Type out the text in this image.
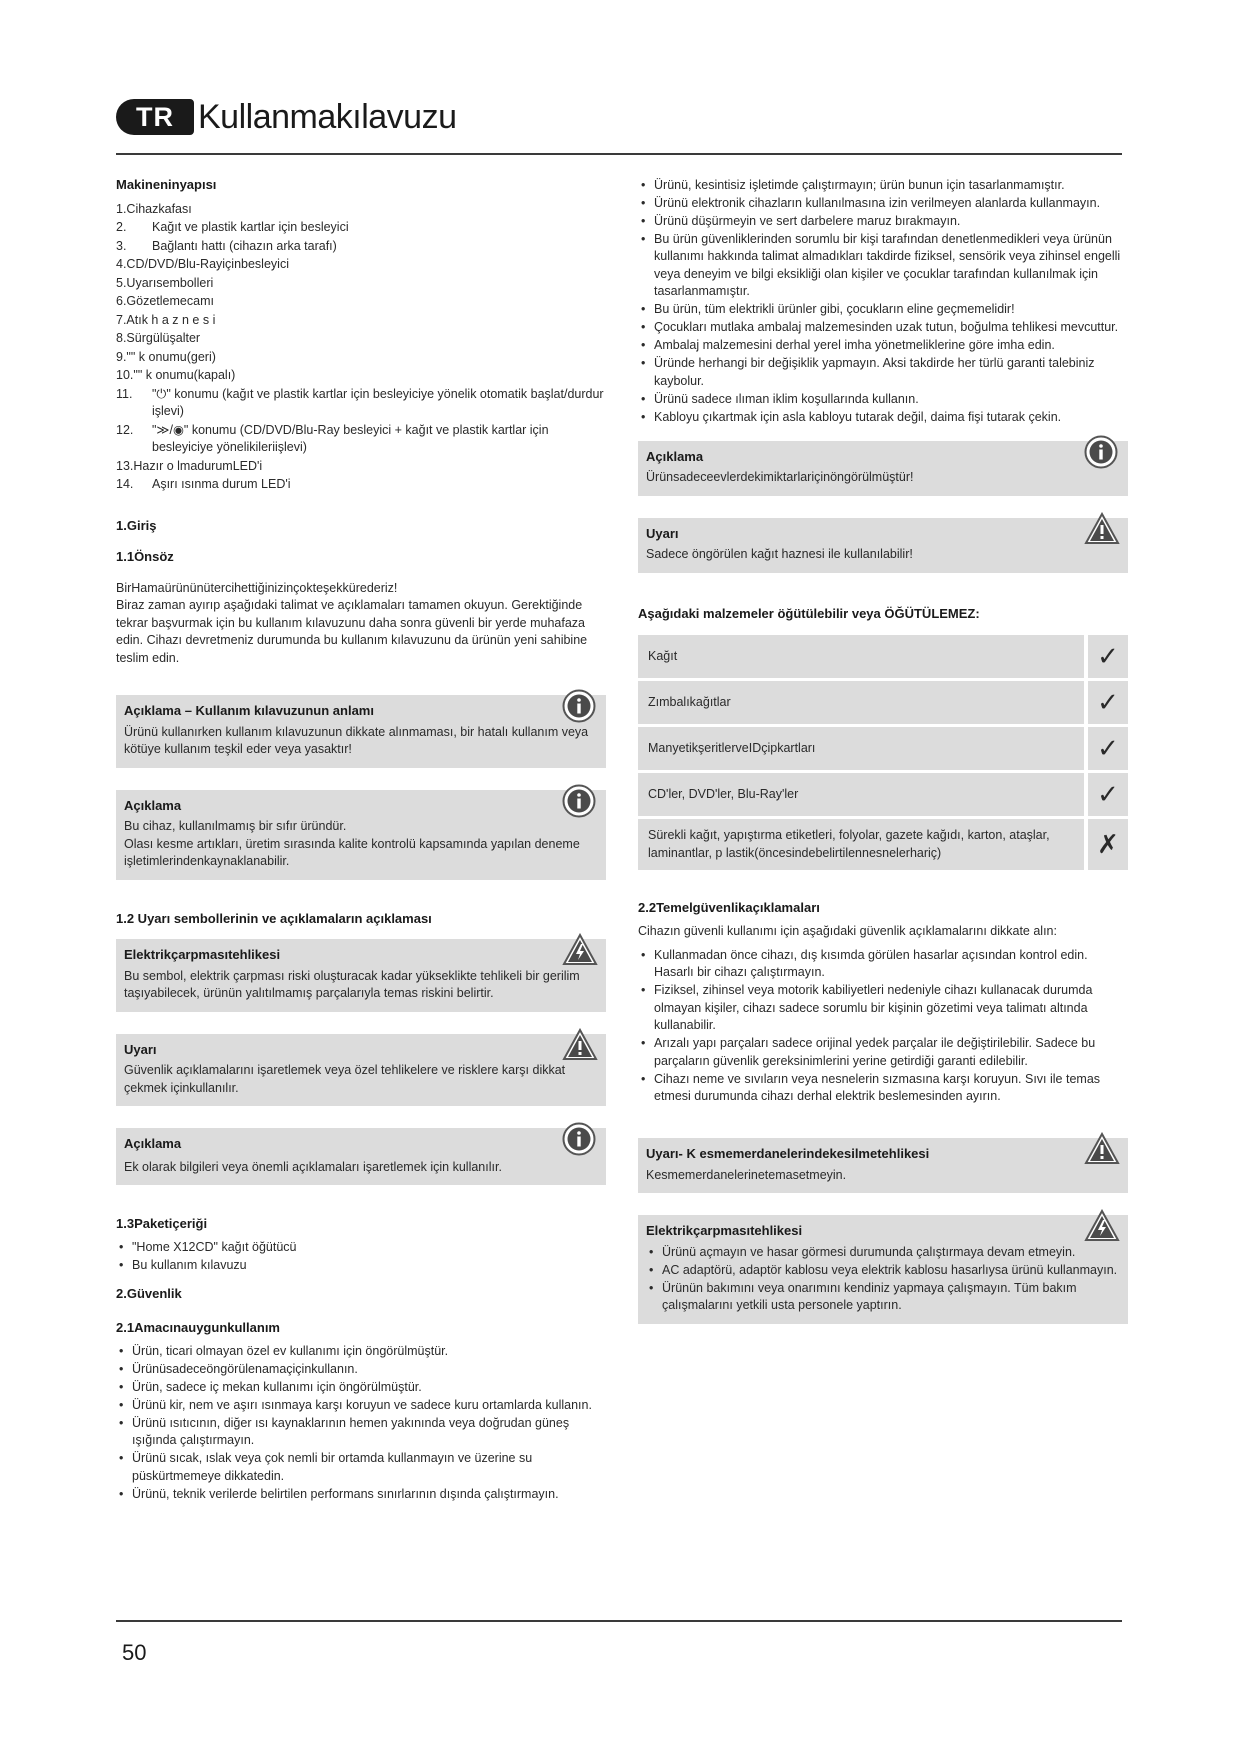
TR Kullanmakılavuzu

Makineninyapısı

1.Cihazkafası
2.	Kağıt ve plastik kartlar için besleyici
3.	Bağlantı hattı (cihazın arka tarafı)
4.CD/DVD/Blu-Rayiçinbesleyici
5.Uyarısembolleri
6.Gözetlemecamı
7.Atık h a z n e s i
8.Sürgülüşalter
9."" k onumu(geri)
10."" k onumu(kapalı)
11.	"⏻" konumu (kağıt ve plastik kartlar için besleyiciye yönelik otomatik başlat/durdur işlevi)
12.	"≫/◉" konumu (CD/DVD/Blu-Ray besleyici + kağıt ve plastik kartlar için besleyiciye yönelikileriişlevi)
13.Hazır o lmadurumLED'i
14.	Aşırı ısınma durum LED'i

1.Giriş

1.1Önsöz

BirHamaürününütercihettiğinizinçokteşekkürederiz!
Biraz zaman ayırıp aşağıdaki talimat ve açıklamaları tamamen okuyun. Gerektiğinde tekrar başvurmak için bu kullanım kılavuzunu daha sonra güvenli bir yerde muhafaza edin. Cihazı devretmeniz durumunda bu kullanım kılavuzunu da ürünün yeni sahibine teslim edin.
Açıklama – Kullanım kılavuzunun anlamı
Ürünü kullanırken kullanım kılavuzunun dikkate alınmaması, bir hatalı kullanım veya kötüye kullanım teşkil eder veya yasaktır!
Açıklama
Bu cihaz, kullanılmamış bir sıfır üründür.
Olası kesme artıkları, üretim sırasında kalite kontrolü kapsamında yapılan deneme işletimlerindenkaynaklanabilir.

1.2 Uyarı sembollerinin ve açıklamaların açıklaması

Elektrikçarpmasıtehlikesi
Bu sembol, elektrik çarpması riski oluşturacak kadar yükseklikte tehlikeli bir gerilim taşıyabilecek, ürünün yalıtılmamış parçalarıyla temas riskini belirtir.
Uyarı
Güvenlik açıklamalarını işaretlemek veya özel tehlikelere ve risklere karşı dikkat çekmek içinkullanılır.
Açıklama
Ek olarak bilgileri veya önemli açıklamaları işaretlemek için kullanılır.

1.3Paketiçeriği

• "Home X12CD" kağıt öğütücü
• Bu kullanım kılavuzu

2.Güvenlik

2.1Amacınauygunkullanım

• Ürün, ticari olmayan özel ev kullanımı için öngörülmüştür.
• Ürünüsadeceöngörülenamaçiçinkullanın.
• Ürün, sadece iç mekan kullanımı için öngörülmüştür.
• Ürünü kir, nem ve aşırı ısınmaya karşı koruyun ve sadece kuru ortamlarda kullanın.
• Ürünü ısıtıcının, diğer ısı kaynaklarının hemen yakınında veya doğrudan güneş ışığında çalıştırmayın.
• Ürünü sıcak, ıslak veya çok nemli bir ortamda kullanmayın ve üzerine su püskürtmemeye dikkatedin.
• Ürünü, teknik verilerde belirtilen performans sınırlarının dışında çalıştırmayın.
• Ürünü, kesintisiz işletimde çalıştırmayın; ürün bunun için tasarlanmamıştır.
• Ürünü elektronik cihazların kullanılmasına izin verilmeyen alanlarda kullanmayın.
• Ürünü düşürmeyin ve sert darbelere maruz bırakmayın.
• Bu ürün güvenliklerinden sorumlu bir kişi tarafından denetlenmedikleri veya ürünün kullanımı hakkında talimat almadıkları takdirde fiziksel, sensörik veya zihinsel engelli veya deneyim ve bilgi eksikliği olan kişiler ve çocuklar tarafından kullanılmak için tasarlanmamıştır.
• Bu ürün, tüm elektrikli ürünler gibi, çocukların eline geçmemelidir!
• Çocukları mutlaka ambalaj malzemesinden uzak tutun, boğulma tehlikesi mevcuttur.
• Ambalaj malzemesini derhal yerel imha yönetmeliklerine göre imha edin.
• Üründe herhangi bir değişiklik yapmayın. Aksi takdirde her türlü garanti talebiniz kaybolur.
• Ürünü sadece ılıman iklim koşullarında kullanın.
• Kabloyu çıkartmak için asla kabloyu tutarak değil, daima fişi tutarak çekin.
Açıklama
Ürünsadeceevlerdekimiktarlariçinöngörülmüştür!
Uyarı
Sadece öngörülen kağıt haznesi ile kullanılabilir!

Aşağıdaki malzemeler öğütülebilir veya ÖĞÜTÜLEMEZ:

Kağıt	✓
Zımbalıkağıtlar	✓
ManyetikşeritlerveIDçipkartları	✓
CD'ler, DVD'ler, Blu-Ray'ler	✓
Sürekli kağıt, yapıştırma etiketleri, folyolar, gazete kağıdı, karton, ataşlar, laminantlar, p lastik(öncesindebelirtilennesnelerhariç)	✗

2.2Temelgüvenlikaçıklamaları

Cihazın güvenli kullanımı için aşağıdaki güvenlik açıklamalarını dikkate alın:
• Kullanmadan önce cihazı, dış kısımda görülen hasarlar açısından kontrol edin. Hasarlı bir cihazı çalıştırmayın.
• Fiziksel, zihinsel veya motorik kabiliyetleri nedeniyle cihazı kullanacak durumda olmayan kişiler, cihazı sadece sorumlu bir kişinin gözetimi veya talimatı altında kullanabilir.
• Arızalı yapı parçaları sadece orijinal yedek parçalar ile değiştirilebilir. Sadece bu parçaların güvenlik gereksinimlerini yerine getirdiği garanti edilebilir.
• Cihazı neme ve sıvıların veya nesnelerin sızmasına karşı koruyun. Sıvı ile temas etmesi durumunda cihazı derhal elektrik beslemesinden ayırın.
Uyarı- K esmemerdanelerindekesilmetehlikesi
Kesmemerdanelerinetemasetmeyin.
Elektrikçarpmasıtehlikesi
• Ürünü açmayın ve hasar görmesi durumunda çalıştırmaya devam etmeyin.
• AC adaptörü, adaptör kablosu veya elektrik kablosu hasarlıysa ürünü kullanmayın.
• Ürünün bakımını veya onarımını kendiniz yapmaya çalışmayın. Tüm bakım çalışmalarını yetkili usta personele yaptırın.
50
